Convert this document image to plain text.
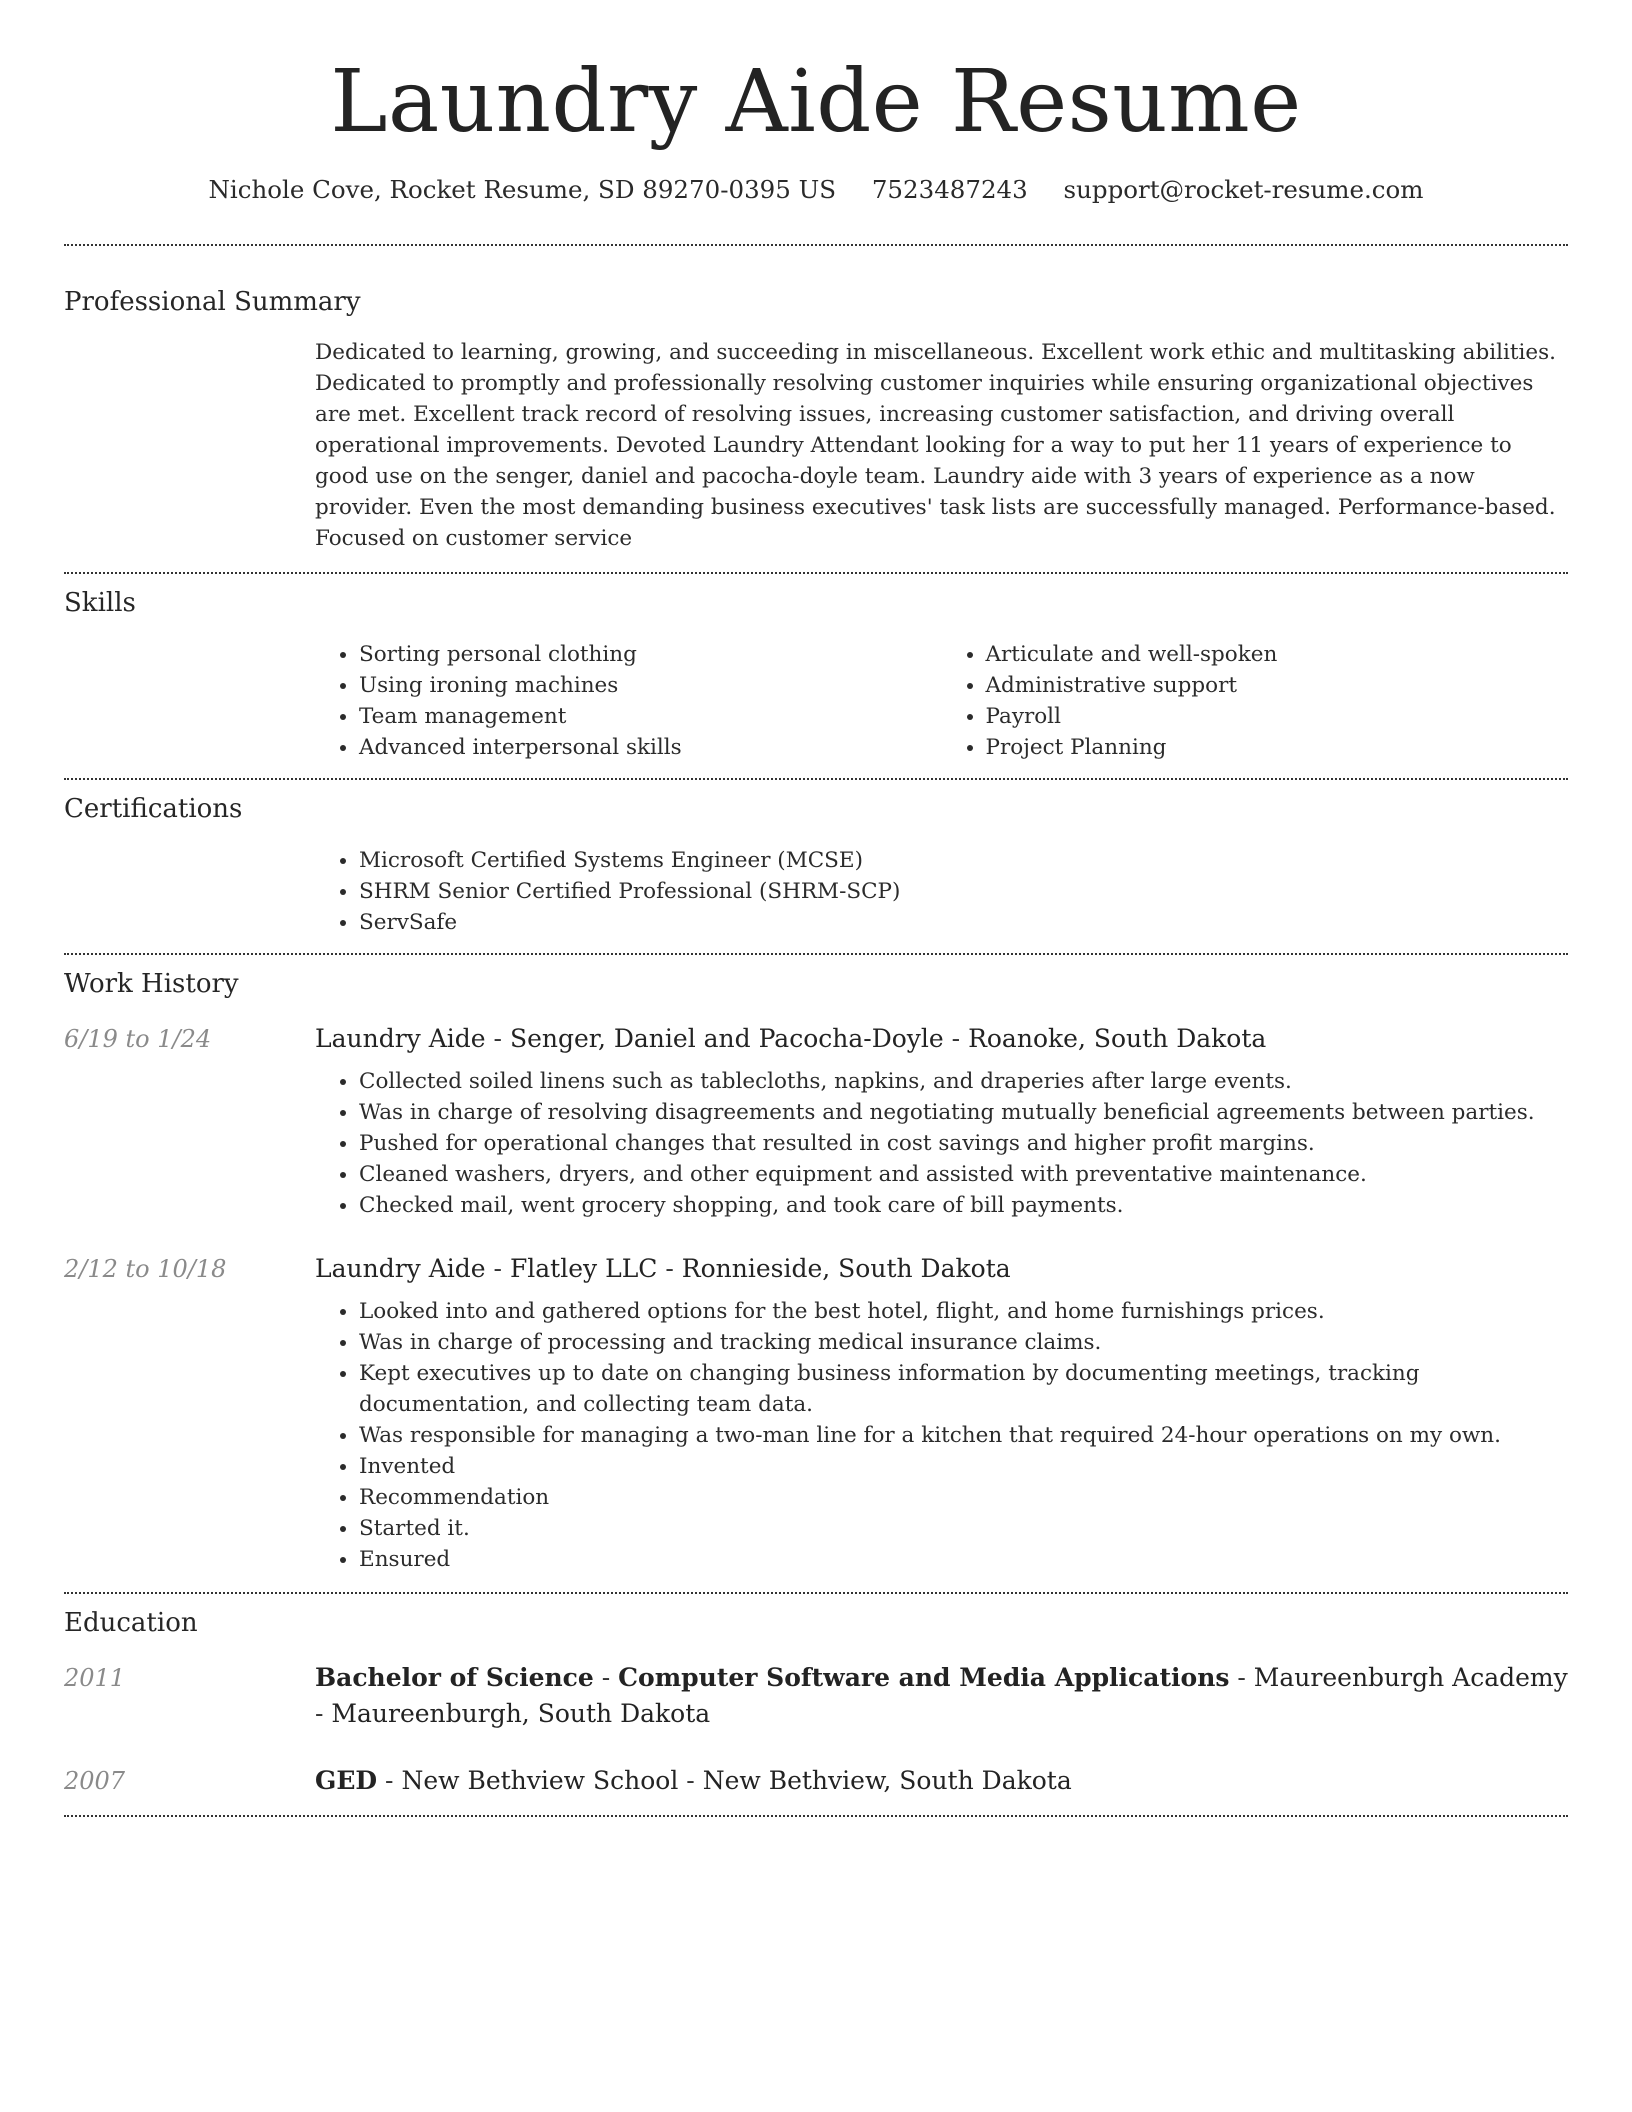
Laundry Aide Resume
Nichole Cove, Rocket Resume, SD 89270-0395 US 7523487243 support@rocket-resume.com
Professional Summary

Dedicated to learning, growing, and succeeding in miscellaneous. Excellent work ethic and multitasking abilities. Dedicated to promptly and professionally resolving customer inquiries while ensuring organizational objectives are met. Excellent track record of resolving issues, increasing customer satisfaction, and driving overall operational improvements. Devoted Laundry Attendant looking for a way to put her 11 years of experience to good use on the senger, daniel and pacocha-doyle team. Laundry aide with 3 years of experience as a now provider. Even the most demanding business executives' task lists are successfully managed. Performance-based. Focused on customer service

Skills
• Sorting personal clothing
• Using ironing machines
• Team management
• Advanced interpersonal skills
• Articulate and well-spoken
• Administrative support
• Payroll
• Project Planning
Certifications
• Microsoft Certified Systems Engineer (MCSE)
• SHRM Senior Certified Professional (SHRM-SCP)
• ServSafe
Work History
6/19 to 1/24	Laundry Aide - Senger, Daniel and Pacocha-Doyle - Roanoke, South Dakota
• Collected soiled linens such as tablecloths, napkins, and draperies after large events.
• Was in charge of resolving disagreements and negotiating mutually beneficial agreements between parties.
• Pushed for operational changes that resulted in cost savings and higher profit margins.
• Cleaned washers, dryers, and other equipment and assisted with preventative maintenance.
• Checked mail, went grocery shopping, and took care of bill payments.
2/12 to 10/18	Laundry Aide - Flatley LLC - Ronnieside, South Dakota
• Looked into and gathered options for the best hotel, flight, and home furnishings prices.
• Was in charge of processing and tracking medical insurance claims.
• Kept executives up to date on changing business information by documenting meetings, tracking documentation, and collecting team data.
• Was responsible for managing a two-man line for a kitchen that required 24-hour operations on my own.
• Invented
• Recommendation
• Started it.
• Ensured
Education
2011	Bachelor of Science - Computer Software and Media Applications - Maureenburgh Academy - Maureenburgh, South Dakota
2007	GED - New Bethview School - New Bethview, South Dakota
